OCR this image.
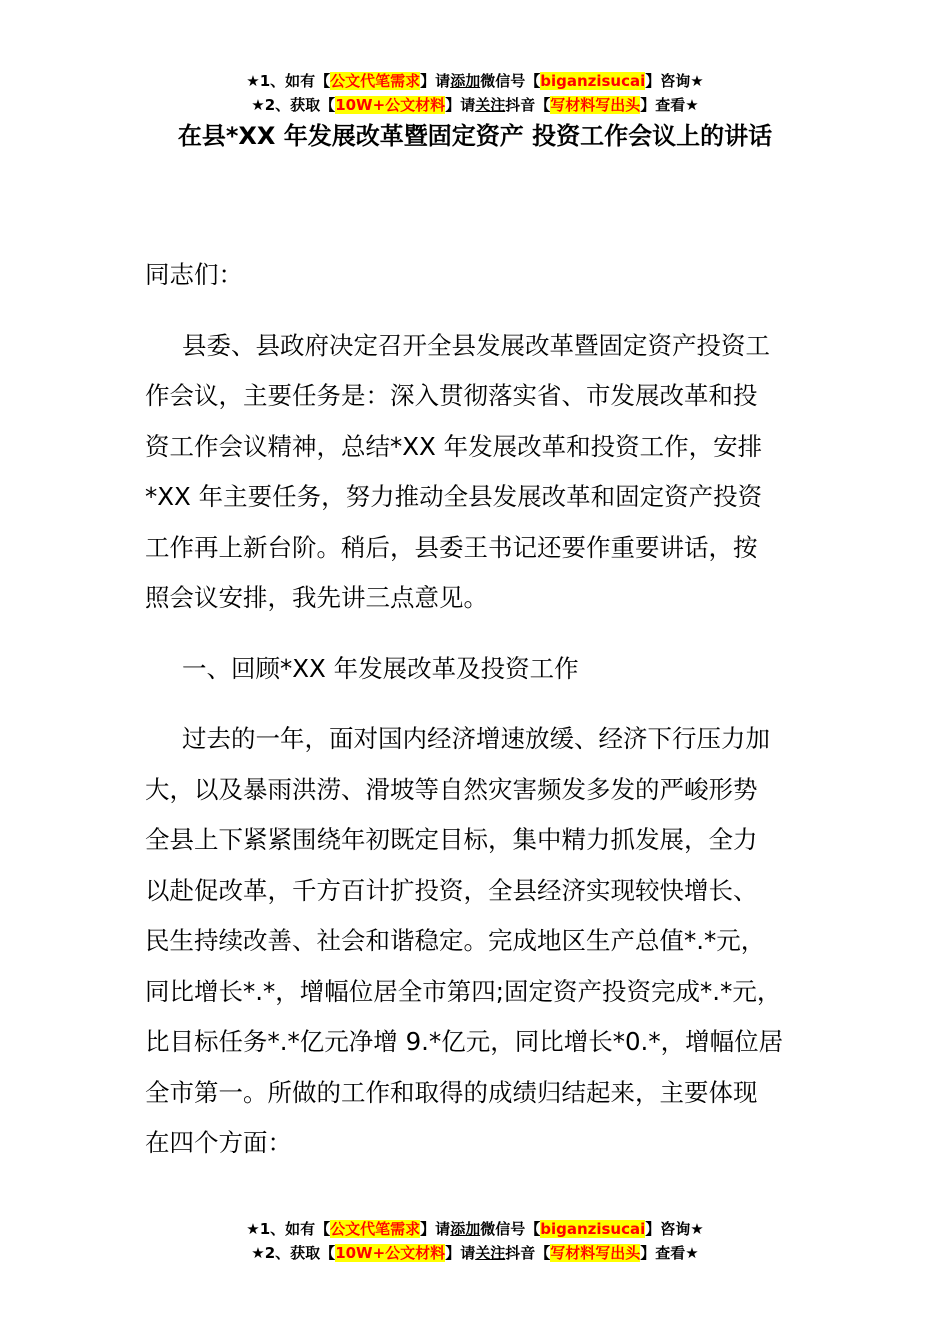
★1、如有【公文代笔需求】请添加微信号【biganzisucai】咨询★
★2、获取【10W+公文材料】请关注抖音【写材料写出头】查看★
在县*XX 年发展改革暨固定资产 投资工作会议上的讲话

同志们：

县委、县政府决定召开全县发展改革暨固定资产投资工
作会议，主要任务是：深入贯彻落实省、市发展改革和投
资工作会议精神，总结*XX 年发展改革和投资工作，安排
*XX 年主要任务，努力推动全县发展改革和固定资产投资
工作再上新台阶。稍后，县委王书记还要作重要讲话，按
照会议安排，我先讲三点意见。

一、回顾*XX 年发展改革及投资工作

过去的一年，面对国内经济增速放缓、经济下行压力加
大，以及暴雨洪涝、滑坡等自然灾害频发多发的严峻形势
全县上下紧紧围绕年初既定目标，集中精力抓发展，全力
以赴促改革，千方百计扩投资，全县经济实现较快增长、
民生持续改善、社会和谐稳定。完成地区生产总值*.*元，
同比增长*.*，增幅位居全市第四;固定资产投资完成*.*元，
比目标任务*.*亿元净增 9.*亿元，同比增长*0.*，增幅位居
全市第一。所做的工作和取得的成绩归结起来，主要体现
在四个方面：

★1、如有【公文代笔需求】请添加微信号【biganzisucai】咨询★
★2、获取【10W+公文材料】请关注抖音【写材料写出头】查看★
